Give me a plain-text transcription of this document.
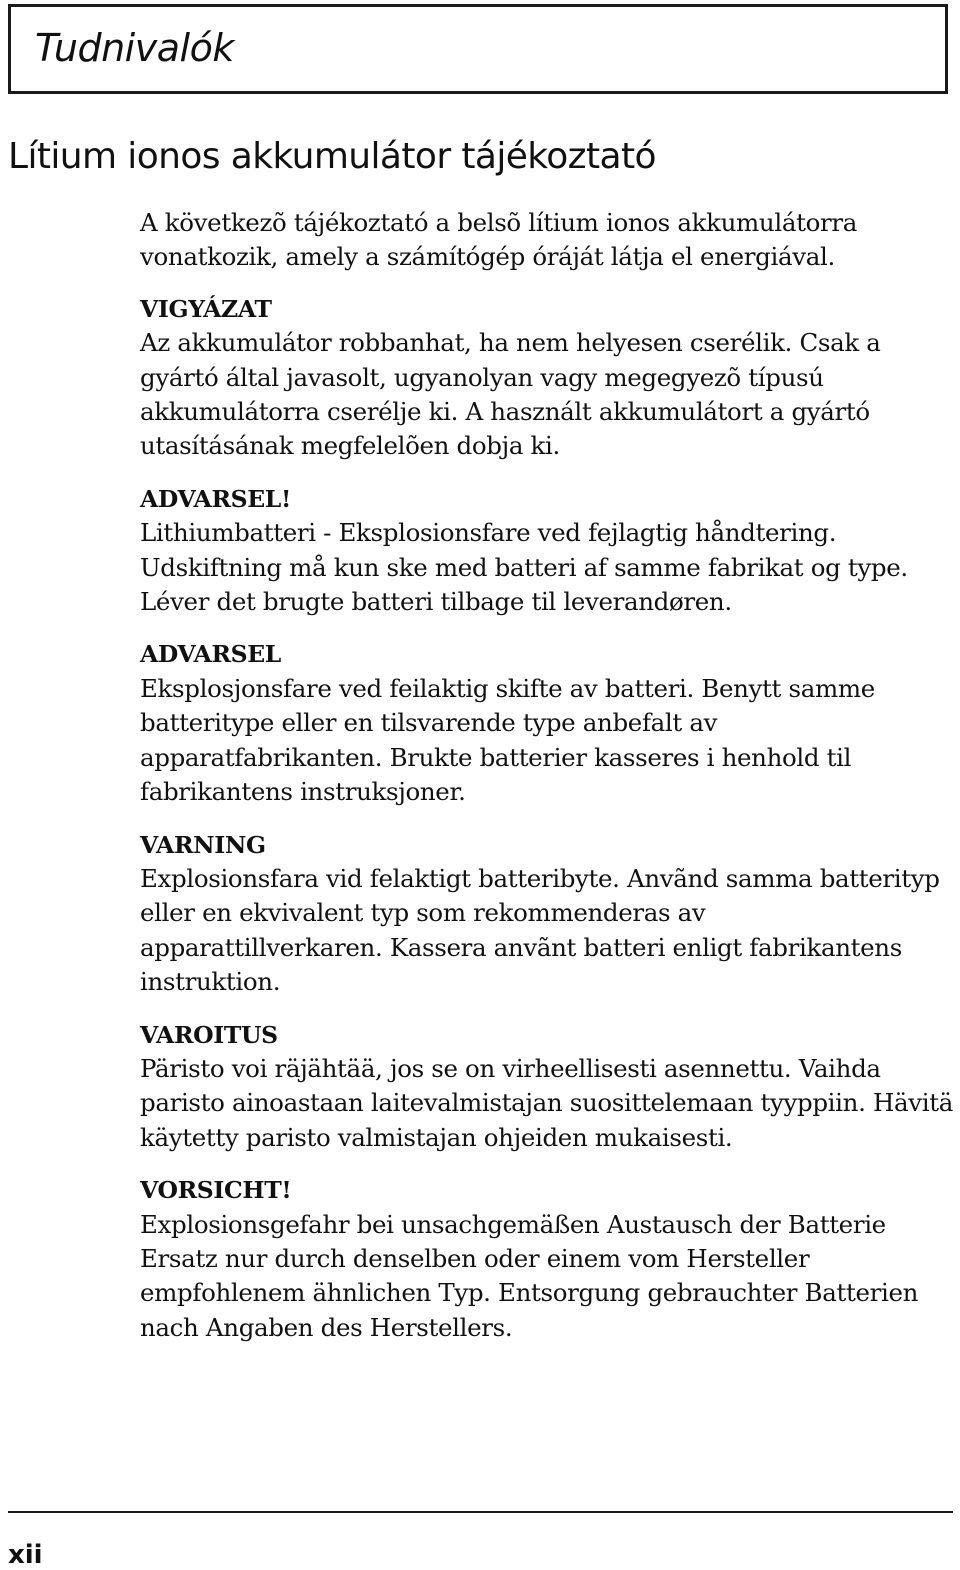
Tudnivalók
Lítium ionos akkumulátor tájékoztató

A következõ tájékoztató a belsõ lítium ionos akkumulátorra vonatkozik, amely a számítógép óráját látja el energiával.

VIGYÁZAT
Az akkumulátor robbanhat, ha nem helyesen cserélik. Csak a gyártó által javasolt, ugyanolyan vagy megegyezõ típusú akkumulátorra cserélje ki. A használt akkumulátort a gyártó utasításának megfelelõen dobja ki.
ADVARSEL!
Lithiumbatteri - Eksplosionsfare ved fejlagtig håndtering. Udskiftning må kun ske med batteri af samme fabrikat og type. Léver det brugte batteri tilbage til leverandøren.
ADVARSEL
Eksplosjonsfare ved feilaktig skifte av batteri. Benytt samme batteritype eller en tilsvarende type anbefalt av apparatfabrikanten. Brukte batterier kasseres i henhold til fabrikantens instruksjoner.
VARNING
Explosionsfara vid felaktigt batteribyte. Anvãnd samma batterityp eller en ekvivalent typ som rekommenderas av apparattillverkaren. Kassera anvãnt batteri enligt fabrikantens instruktion.
VAROITUS
Päristo voi räjähtää, jos se on virheellisesti asennettu. Vaihda paristo ainoastaan laitevalmistajan suosittelemaan tyyppiin. Hävitä käytetty paristo valmistajan ohjeiden mukaisesti.
VORSICHT!
Explosionsgefahr bei unsachgemäßen Austausch der Batterie Ersatz nur durch denselben oder einem vom Hersteller empfohlenem ähnlichen Typ. Entsorgung gebrauchter Batterien nach Angaben des Herstellers.
xii
